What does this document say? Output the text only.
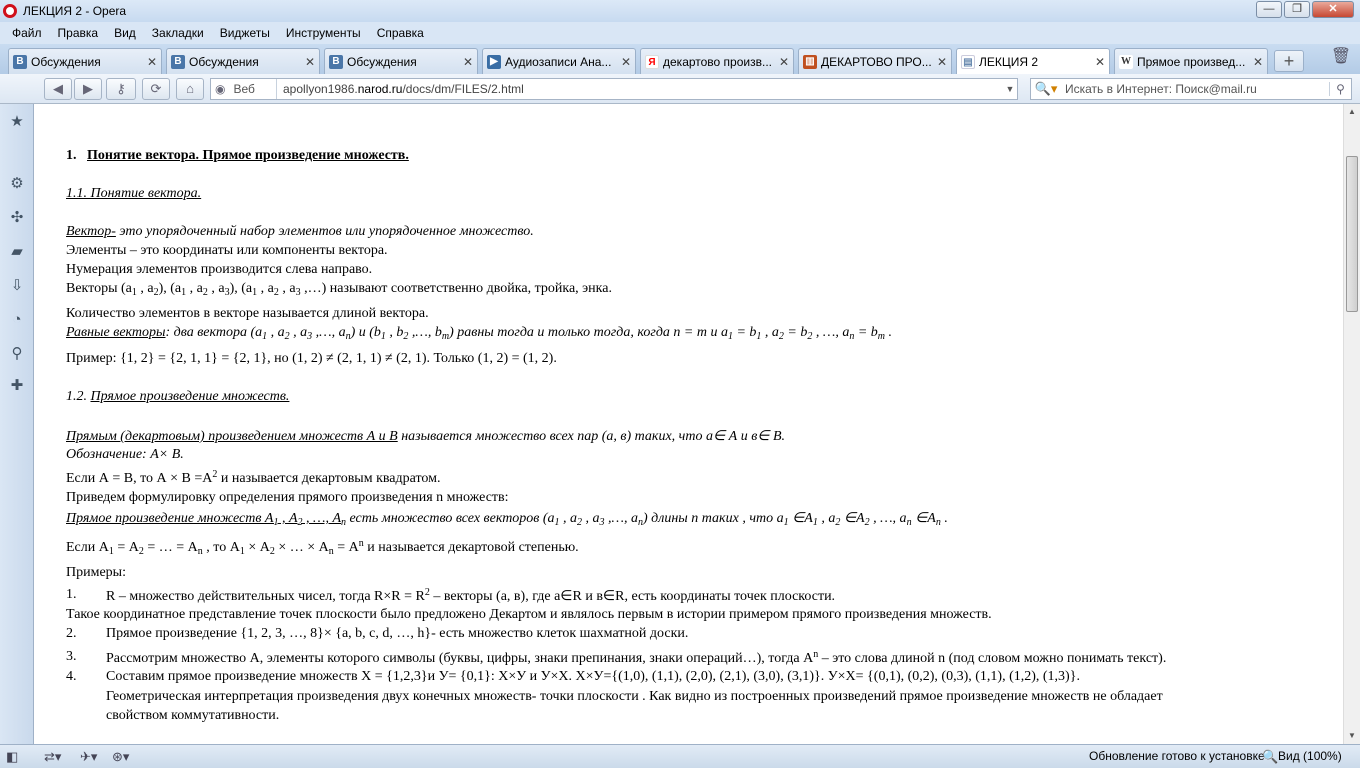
ЛЕКЦИЯ 2 - Opera	—	❐	✕
Файл	Правка	Вид	Закладки	Виджеты	Инструменты	Справка
В Обсуждения	✕	В Обсуждения	✕	В Обсуждения	✕	▶ Аудиозаписи Ана... ✕	Я декартово произв... ✕ ▥ ДЕКАРТОВО ПРО... ✕ ▤ ЛЕКЦИЯ 2	✕ W Прямое произвед... ✕	+	🗑
◀	▶	⚷	⟳	⌂	◉ Веб	apollyon1986.narod.ru/docs/dm/FILES/2.html	▼ 🔍▾ Искать в Интернет: Поиск@mail.ru	⚲
★
⚙
✣
▰
⇩
◔
⚲
✚
1. Понятие вектора. Прямое произведение множеств.
1.1. Понятие вектора.
Вектор- это упорядоченный набор элементов или упорядоченное множество.
Элементы – это координаты или компоненты вектора.
Нумерация элементов производится слева направо.
Векторы ($a_1$ , $a_2$), ($a_1$ , $a_2$ , $a_3$), ($a_1$ , $a_2$ , $a_3$ ,…) называют соответственно двойка, тройка, энка.
Количество элементов в векторе называется длиной вектора.
Равные векторы: два вектора ($a_1$ , $a_2$ , $a_3$ ,…, $a_n$) и ($b_1$ , $b_2$ ,…, $b_m$) равны тогда и только тогда, когда n = m и $a_1 = b_1$ , $a_2 = b_2$ , …, $a_n = b_m$ .
Пример: {1, 2} = {2, 1, 1} = {2, 1}, но (1, 2) ≠ (2, 1, 1) ≠ (2, 1). Только (1, 2) = (1, 2).
1.2. Прямое произведение множеств.
Прямым (декартовым) произведением множеств А и В называется множество всех пар (а, в) таких, что а∈ А и в∈ В.
Обозначение: А× В.
Если А = В, то $А \times В =А^2$ и называется декартовым квадратом.
Приведем формулировку определения прямого произведения n множеств:
Прямое произведение множеств $А_1$ , $А_2$ , …, $А_n$ есть множество всех векторов ($a_1$ , $a_2$ , $a_3$ ,…, $a_n$) длины n таких , что $a_1$ $\in А_1$ , $a_2$ $\in А_2$ , …, $a_n$ $\in А_n$ .
Если $А_1 = А_2$ = … = $А_n$ , то $А_1 \times А_2$ × … × $А_n = А^n$ и называется декартовой степенью.
Примеры:
1. R – множество действительных чисел, тогда $R\times R = R^2$ – векторы (a, в), где a∈R и в∈R, есть координаты точек плоскости.
Такое координатное представление точек плоскости было предложено Декартом и являлось первым в истории примером прямого произведения множеств.
2. Прямое произведение {1, 2, 3, …, 8}× {a, b, c, d, …, h}- есть множество клеток шахматной доски.
3. Рассмотрим множество А, элементы которого символы (буквы, цифры, знаки препинания, знаки операций…), тогда $А^n$ – это слова длиной n (под словом можно понимать текст).
4. Составим прямое произведение множеств Х = {1,2,3}и У= {0,1}: Х×У и У×Х. Х×У={(1,0), (1,1), (2,0), (2,1), (3,0), (3,1)}. У×Х= {(0,1), (0,2), (0,3), (1,1), (1,2), (1,3)}.
Геометрическая интерпретация произведения двух конечных множеств- точки плоскости . Как видно из построенных произведений прямое произведение множеств не обладает
свойством коммутативности.
▲
▼
◧ ⇄▾ ✈▾ ⊛▾	Обновление готово к установке
🔍 Вид (100%)
